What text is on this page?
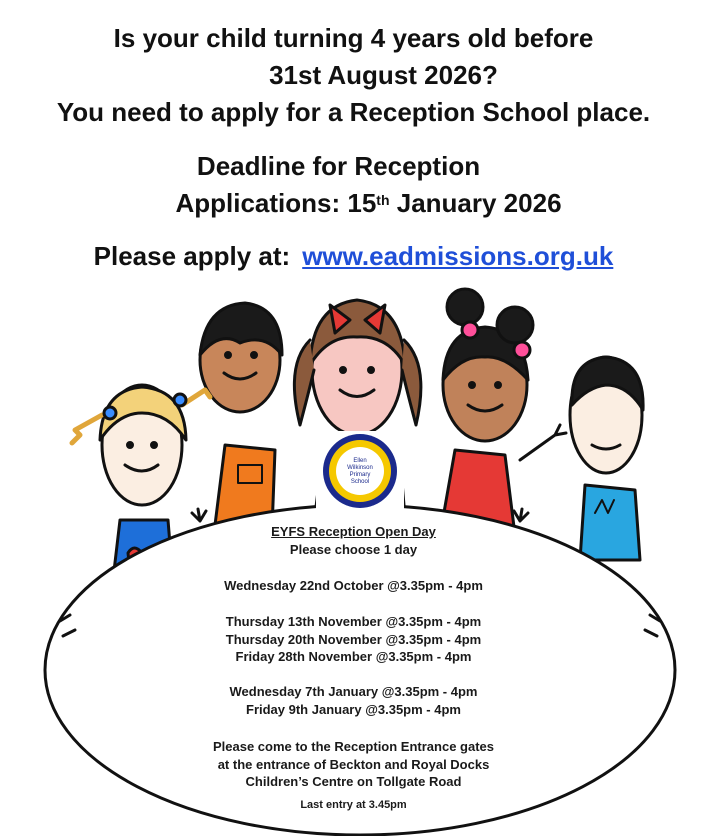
Is your child turning 4 years old before
31st August 2026?
You need to apply for a Reception School place.
Deadline for Reception
Applications: 15th January 2026
Please apply at: www.eadmissions.org.uk
Ellen
Wilkinson
Primary
School
EYFS Reception Open Day
Please choose 1 day
Wednesday 22nd October @3.35pm - 4pm
Thursday 13th November @3.35pm - 4pm
Thursday 20th November @3.35pm - 4pm
Friday 28th November @3.35pm - 4pm
Wednesday 7th January @3.35pm - 4pm
Friday 9th January @3.35pm - 4pm
Please come to the Reception Entrance gates
at the entrance of Beckton and Royal Docks
Children’s Centre on Tollgate Road
Last entry at 3.45pm
